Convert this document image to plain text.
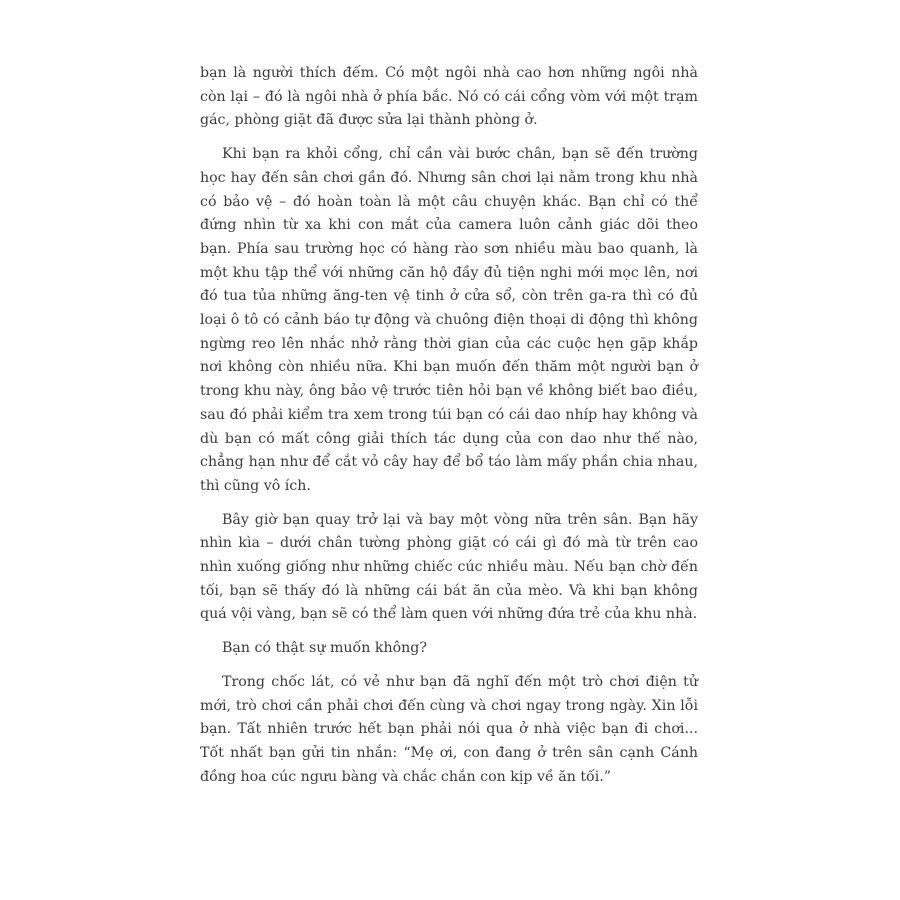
bạn là người thích đếm. Có một ngôi nhà cao hơn những ngôi nhà còn lại – đó là ngôi nhà ở phía bắc. Nó có cái cổng vòm với một trạm gác, phòng giặt đã được sửa lại thành phòng ở.

Khi bạn ra khỏi cổng, chỉ cần vài bước chân, bạn sẽ đến trường học hay đến sân chơi gần đó. Nhưng sân chơi lại nằm trong khu nhà có bảo vệ – đó hoàn toàn là một câu chuyện khác. Bạn chỉ có thể đứng nhìn từ xa khi con mắt của camera luôn cảnh giác dõi theo bạn. Phía sau trường học có hàng rào sơn nhiều màu bao quanh, là một khu tập thể với những căn hộ đầy đủ tiện nghi mới mọc lên, nơi đó tua tủa những ăng-ten vệ tinh ở cửa sổ, còn trên ga-ra thì có đủ loại ô tô có cảnh báo tự động và chuông điện thoại di động thì không ngừng reo lên nhắc nhở rằng thời gian của các cuộc hẹn gặp khắp nơi không còn nhiều nữa. Khi bạn muốn đến thăm một người bạn ở trong khu này, ông bảo vệ trước tiên hỏi bạn về không biết bao điều, sau đó phải kiểm tra xem trong túi bạn có cái dao nhíp hay không và dù bạn có mất công giải thích tác dụng của con dao như thế nào, chẳng hạn như để cắt vỏ cây hay để bổ táo làm mấy phần chia nhau, thì cũng vô ích.

Bây giờ bạn quay trở lại và bay một vòng nữa trên sân. Bạn hãy nhìn kìa – dưới chân tường phòng giặt có cái gì đó mà từ trên cao nhìn xuống giống như những chiếc cúc nhiều màu. Nếu bạn chờ đến tối, bạn sẽ thấy đó là những cái bát ăn của mèo. Và khi bạn không quá vội vàng, bạn sẽ có thể làm quen với những đứa trẻ của khu nhà.

Bạn có thật sự muốn không?

Trong chốc lát, có vẻ như bạn đã nghĩ đến một trò chơi điện tử mới, trò chơi cần phải chơi đến cùng và chơi ngay trong ngày. Xin lỗi bạn. Tất nhiên trước hết bạn phải nói qua ở nhà việc bạn đi chơi... Tốt nhất bạn gửi tin nhắn: “Mẹ ơi, con đang ở trên sân cạnh Cánh đồng hoa cúc ngưu bàng và chắc chắn con kịp về ăn tối.”
